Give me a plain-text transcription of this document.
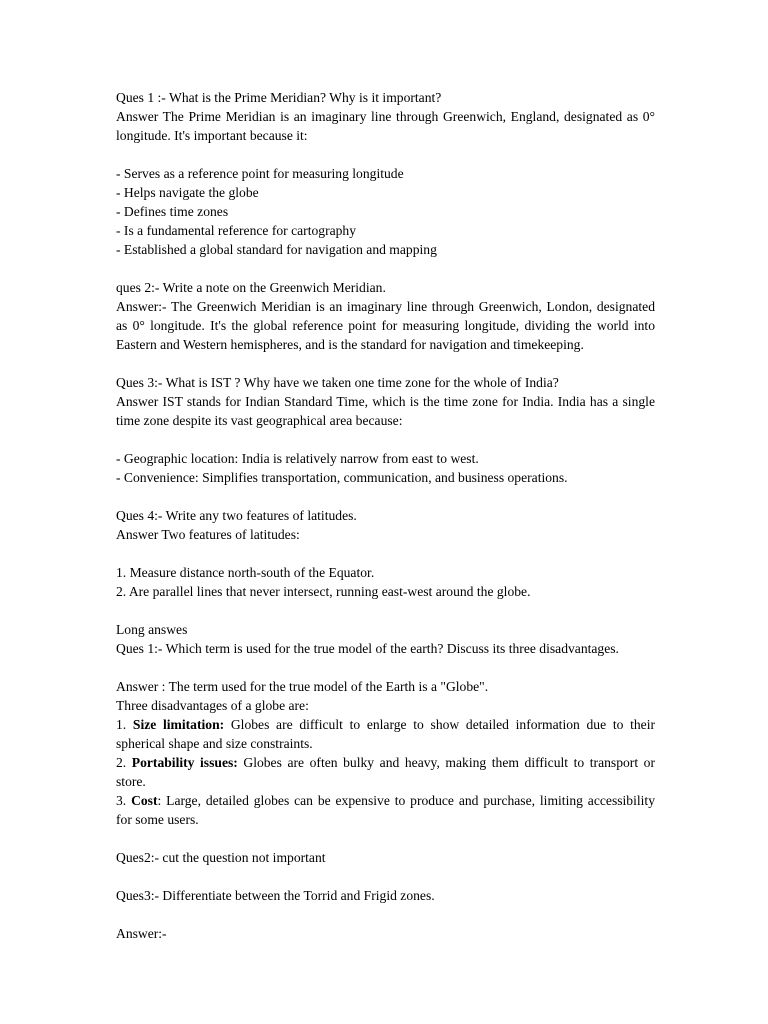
Ques 1 :- What is the Prime Meridian? Why is it important?

Answer The Prime Meridian is an imaginary line through Greenwich, England, designated as 0° longitude. It's important because it:

- Serves as a reference point for measuring longitude

- Helps navigate the globe

- Defines time zones

- Is a fundamental reference for cartography

- Established a global standard for navigation and mapping

ques 2:- Write a note on the Greenwich Meridian.

Answer:- The Greenwich Meridian is an imaginary line through Greenwich, London, designated as 0° longitude. It's the global reference point for measuring longitude, dividing the world into Eastern and Western hemispheres, and is the standard for navigation and timekeeping.

Ques 3:- What is IST ? Why have we taken one time zone for the whole of India?

Answer IST stands for Indian Standard Time, which is the time zone for India. India has a single time zone despite its vast geographical area because:

- Geographic location: India is relatively narrow from east to west.

- Convenience: Simplifies transportation, communication, and business operations.

Ques 4:- Write any two features of latitudes.

Answer Two features of latitudes:

1. Measure distance north-south of the Equator.

2. Are parallel lines that never intersect, running east-west around the globe.

Long answes

Ques 1:- Which term is used for the true model of the earth? Discuss its three disadvantages.

Answer : The term used for the true model of the Earth is a "Globe".

Three disadvantages of a globe are:

1. Size limitation: Globes are difficult to enlarge to show detailed information due to their spherical shape and size constraints.

2. Portability issues: Globes are often bulky and heavy, making them difficult to transport or store.

3. Cost: Large, detailed globes can be expensive to produce and purchase, limiting accessibility for some users.

Ques2:- cut the question not important

Ques3:- Differentiate between the Torrid and Frigid zones.

Answer:-
